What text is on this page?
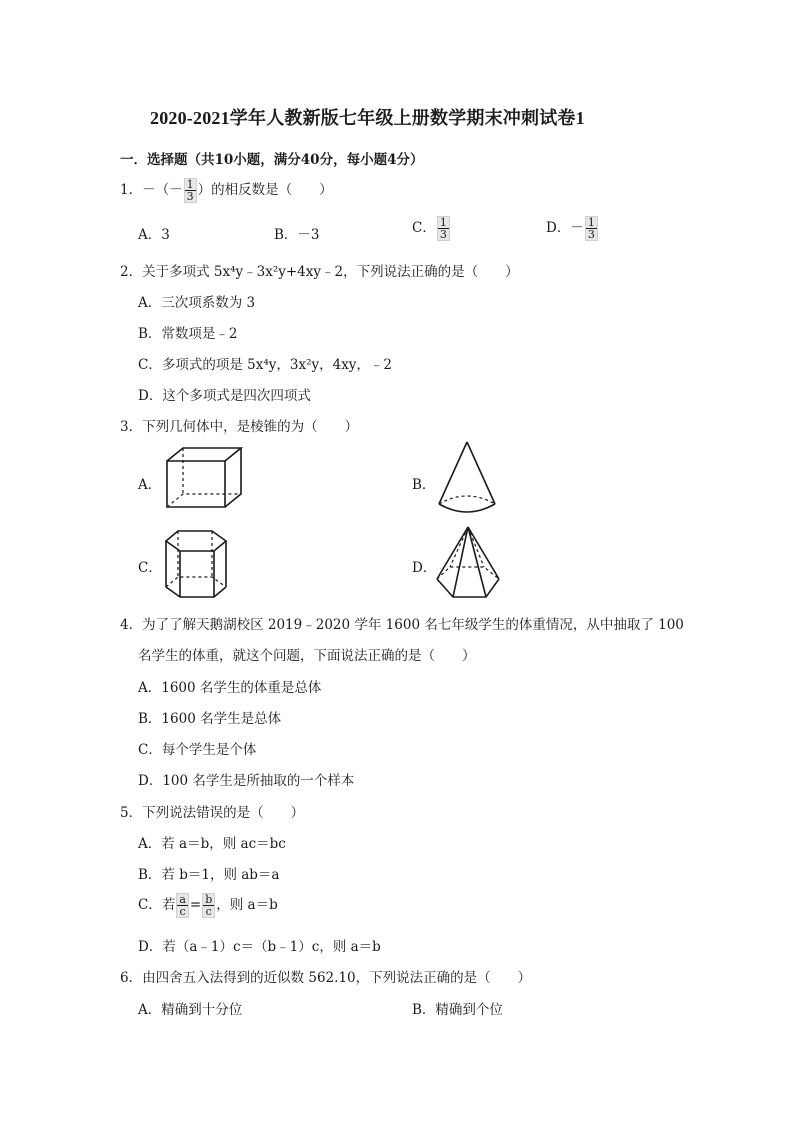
2020-2021学年人教新版七年级上册数学期末冲刺试卷1
一．选择题（共10小题，满分40分，每小题4分）
1．－（－ $\frac{1}{3}$ ）的相反数是（　　）
A．3	B．－3	C． $\frac{1}{3}$	D．－ $\frac{1}{3}$
2．关于多项式 5x⁴y﹣3x²y+4xy﹣2，下列说法正确的是（　　）
A．三次项系数为 3
B．常数项是﹣2
C．多项式的项是 5x⁴y，3x²y，4xy，﹣2
D．这个多项式是四次四项式
3．下列几何体中，是棱锥的为（　　）
A．	B．
C．	D．
4．为了了解天鹅湖校区 2019﹣2020 学年 1600 名七年级学生的体重情况，从中抽取了 100
名学生的体重，就这个问题，下面说法正确的是（　　）
A．1600 名学生的体重是总体
B．1600 名学生是总体
C．每个学生是个体
D．100 名学生是所抽取的一个样本
5．下列说法错误的是（　　）
A．若 a＝b，则 ac＝bc
B．若 b＝1，则 ab＝a
C．若 $\frac{a}{c} = \frac{b}{c}$ ，则 a＝b
D．若（a﹣1）c＝（b﹣1）c，则 a＝b
6．由四舍五入法得到的近似数 562.10，下列说法正确的是（　　）
A．精确到十分位	B．精确到个位
